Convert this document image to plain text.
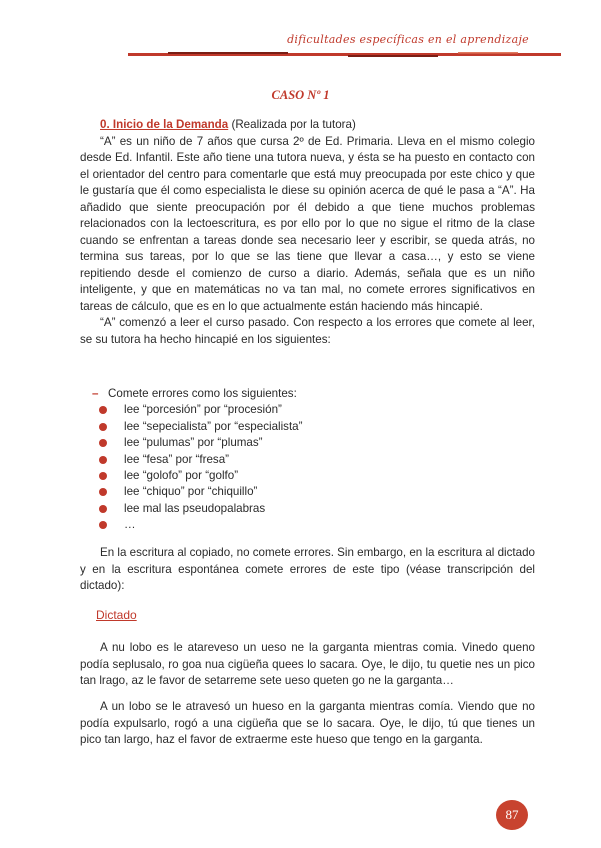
dificultades específicas en el aprendizaje
CASO Nº 1

0. Inicio de la Demanda (Realizada por la tutora)

“A” es un niño de 7 años que cursa 2º de Ed. Primaria. Lleva en el mismo colegio desde Ed. Infantil. Este año tiene una tutora nueva, y ésta se ha puesto en contacto con el orientador del centro para comentarle que está muy preocupada por este chico y que le gustaría que él como especialista le diese su opinión acerca de qué le pasa a “A”. Ha añadido que siente preocupación por él debido a que tiene muchos problemas relacionados con la lectoescritura, es por ello por lo que no sigue el ritmo de la clase cuando se enfrentan a tareas donde sea necesario leer y escribir, se queda atrás, no termina sus tareas, por lo que se las tiene que llevar a casa…, y esto se viene repitiendo desde el comienzo de curso a diario. Además, señala que es un niño inteligente, y que en matemáticas no va tan mal, no comete errores significativos en tareas de cálculo, que es en lo que actualmente están haciendo más hincapié.

“A” comenzó a leer el curso pasado. Con respecto a los errores que comete al leer, se su tutora ha hecho hincapié en los siguientes:

– Comete errores como los siguientes:
lee “porcesión” por “procesión”
lee “sepecialista” por “especialista”
lee “pulumas” por “plumas”
lee “fesa” por “fresa”
lee “golofo” por “golfo”
lee “chiquo” por “chiquillo”
lee mal las pseudopalabras
…
En la escritura al copiado, no comete errores. Sin embargo, en la escritura al dictado y en la escritura espontánea comete errores de este tipo (véase transcripción del dictado):
Dictado
A nu lobo es le atareveso un ueso ne la garganta mientras comia. Vinedo queno podía seplusalo, ro goa nua cigüeña quees lo sacara. Oye, le dijo, tu quetie nes un pico tan lrago, az le favor de setarreme sete ueso queten go ne la garganta…
A un lobo se le atravesó un hueso en la garganta mientras comía. Viendo que no podía expulsarlo, rogó a una cigüeña que se lo sacara. Oye, le dijo, tú que tienes un pico tan largo, haz el favor de extraerme este hueso que tengo en la garganta.
87
